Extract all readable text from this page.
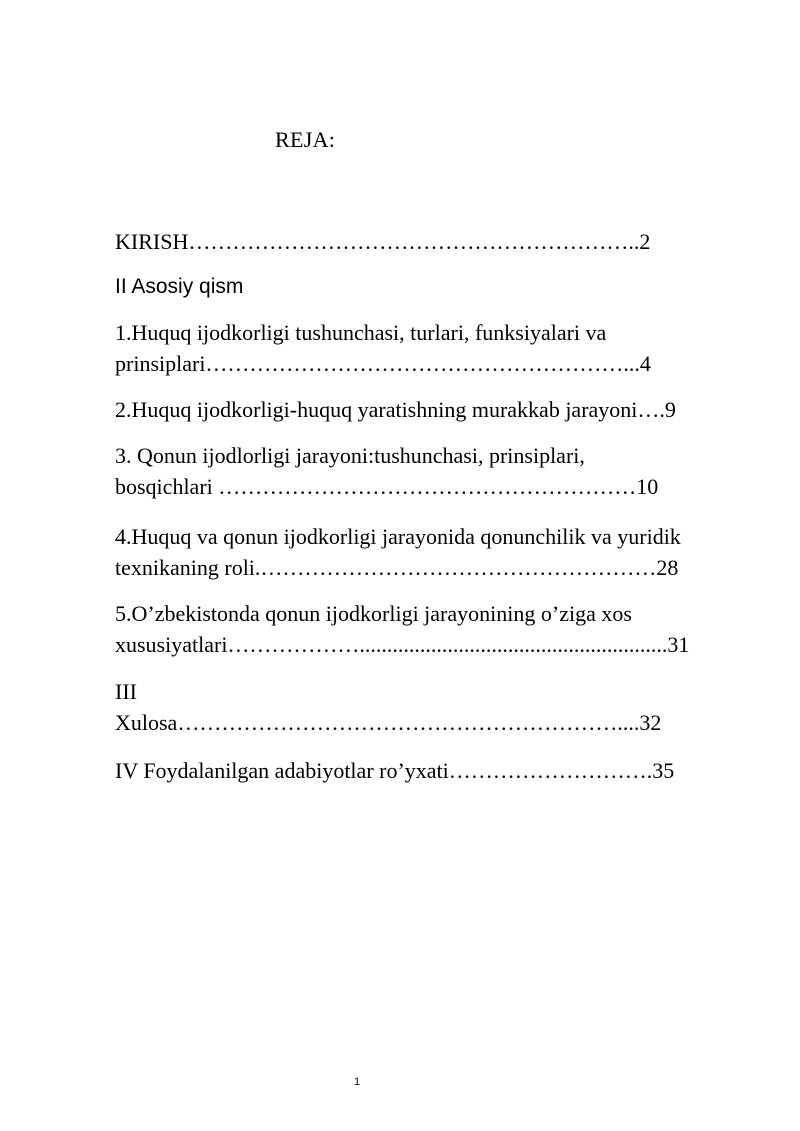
REJA:
KIRISH……………………………………………………..2
II Asosiy qism
1.Huquq ijodkorligi tushunchasi, turlari, funksiyalari va
prinsiplari…………………………………………………...4
2.Huquq ijodkorligi-huquq yaratishning murakkab jarayoni….9
3. Qonun ijodlorligi jarayoni:tushunchasi, prinsiplari,
bosqichlari …………………………………………………10
4.Huquq va qonun ijodkorligi jarayonida qonunchilik va yuridik
texnikaning roli.………………………………………………28
5.O’zbekistonda qonun ijodkorligi jarayonining o’ziga xos
xususiyatlari………………........................................................31
III
Xulosa……………………………………………………....32
IV Foydalanilgan adabiyotlar ro’yxati……………………….35
1
